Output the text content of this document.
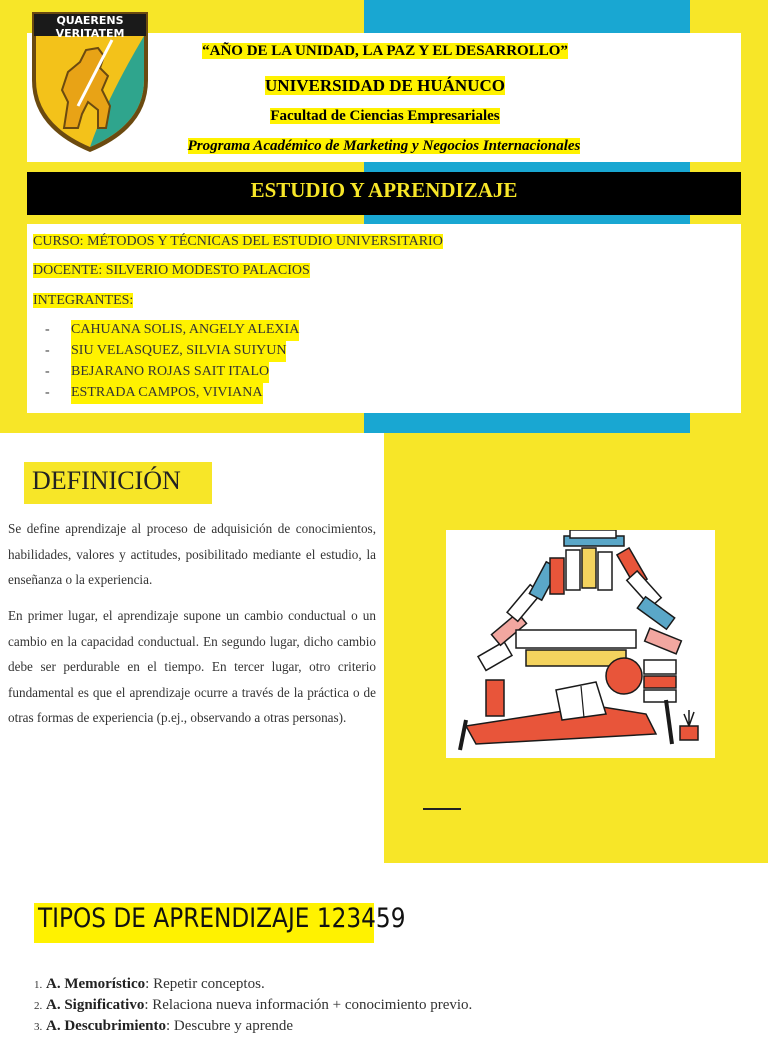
QUAERENS VERITATEM
“AÑO DE LA UNIDAD, LA PAZ Y EL DESARROLLO”
UNIVERSIDAD DE HUÁNUCO
Facultad de Ciencias Empresariales
Programa Académico de Marketing y Negocios Internacionales
ESTUDIO Y APRENDIZAJE
CURSO: MÉTODOS Y TÉCNICAS DEL ESTUDIO UNIVERSITARIO
DOCENTE: SILVERIO MODESTO PALACIOS
INTEGRANTES:
-	CAHUANA SOLIS, ANGELY ALEXIA
-	SIU VELASQUEZ, SILVIA SUIYUN
-	BEJARANO ROJAS SAIT ITALO
-	ESTRADA CAMPOS, VIVIANA
DEFINICIÓN

Se define aprendizaje al proceso de adquisición de conocimientos, habilidades, valores y actitudes, posibilitado mediante el estudio, la enseñanza o la experiencia.

En primer lugar, el aprendizaje supone un cambio conductual o un cambio en la capacidad conductual. En segundo lugar, dicho cambio debe ser perdurable en el tiempo. En tercer lugar, otro criterio fundamental es que el aprendizaje ocurre a través de la práctica o de otras formas de experiencia (p.ej., observando a otras personas).

TIPOS DE APRENDIZAJE 123459
1. A. Memorístico: Repetir conceptos.
2. A. Significativo: Relaciona nueva información + conocimiento previo.
3. A. Descubrimiento: Descubre y aprende
